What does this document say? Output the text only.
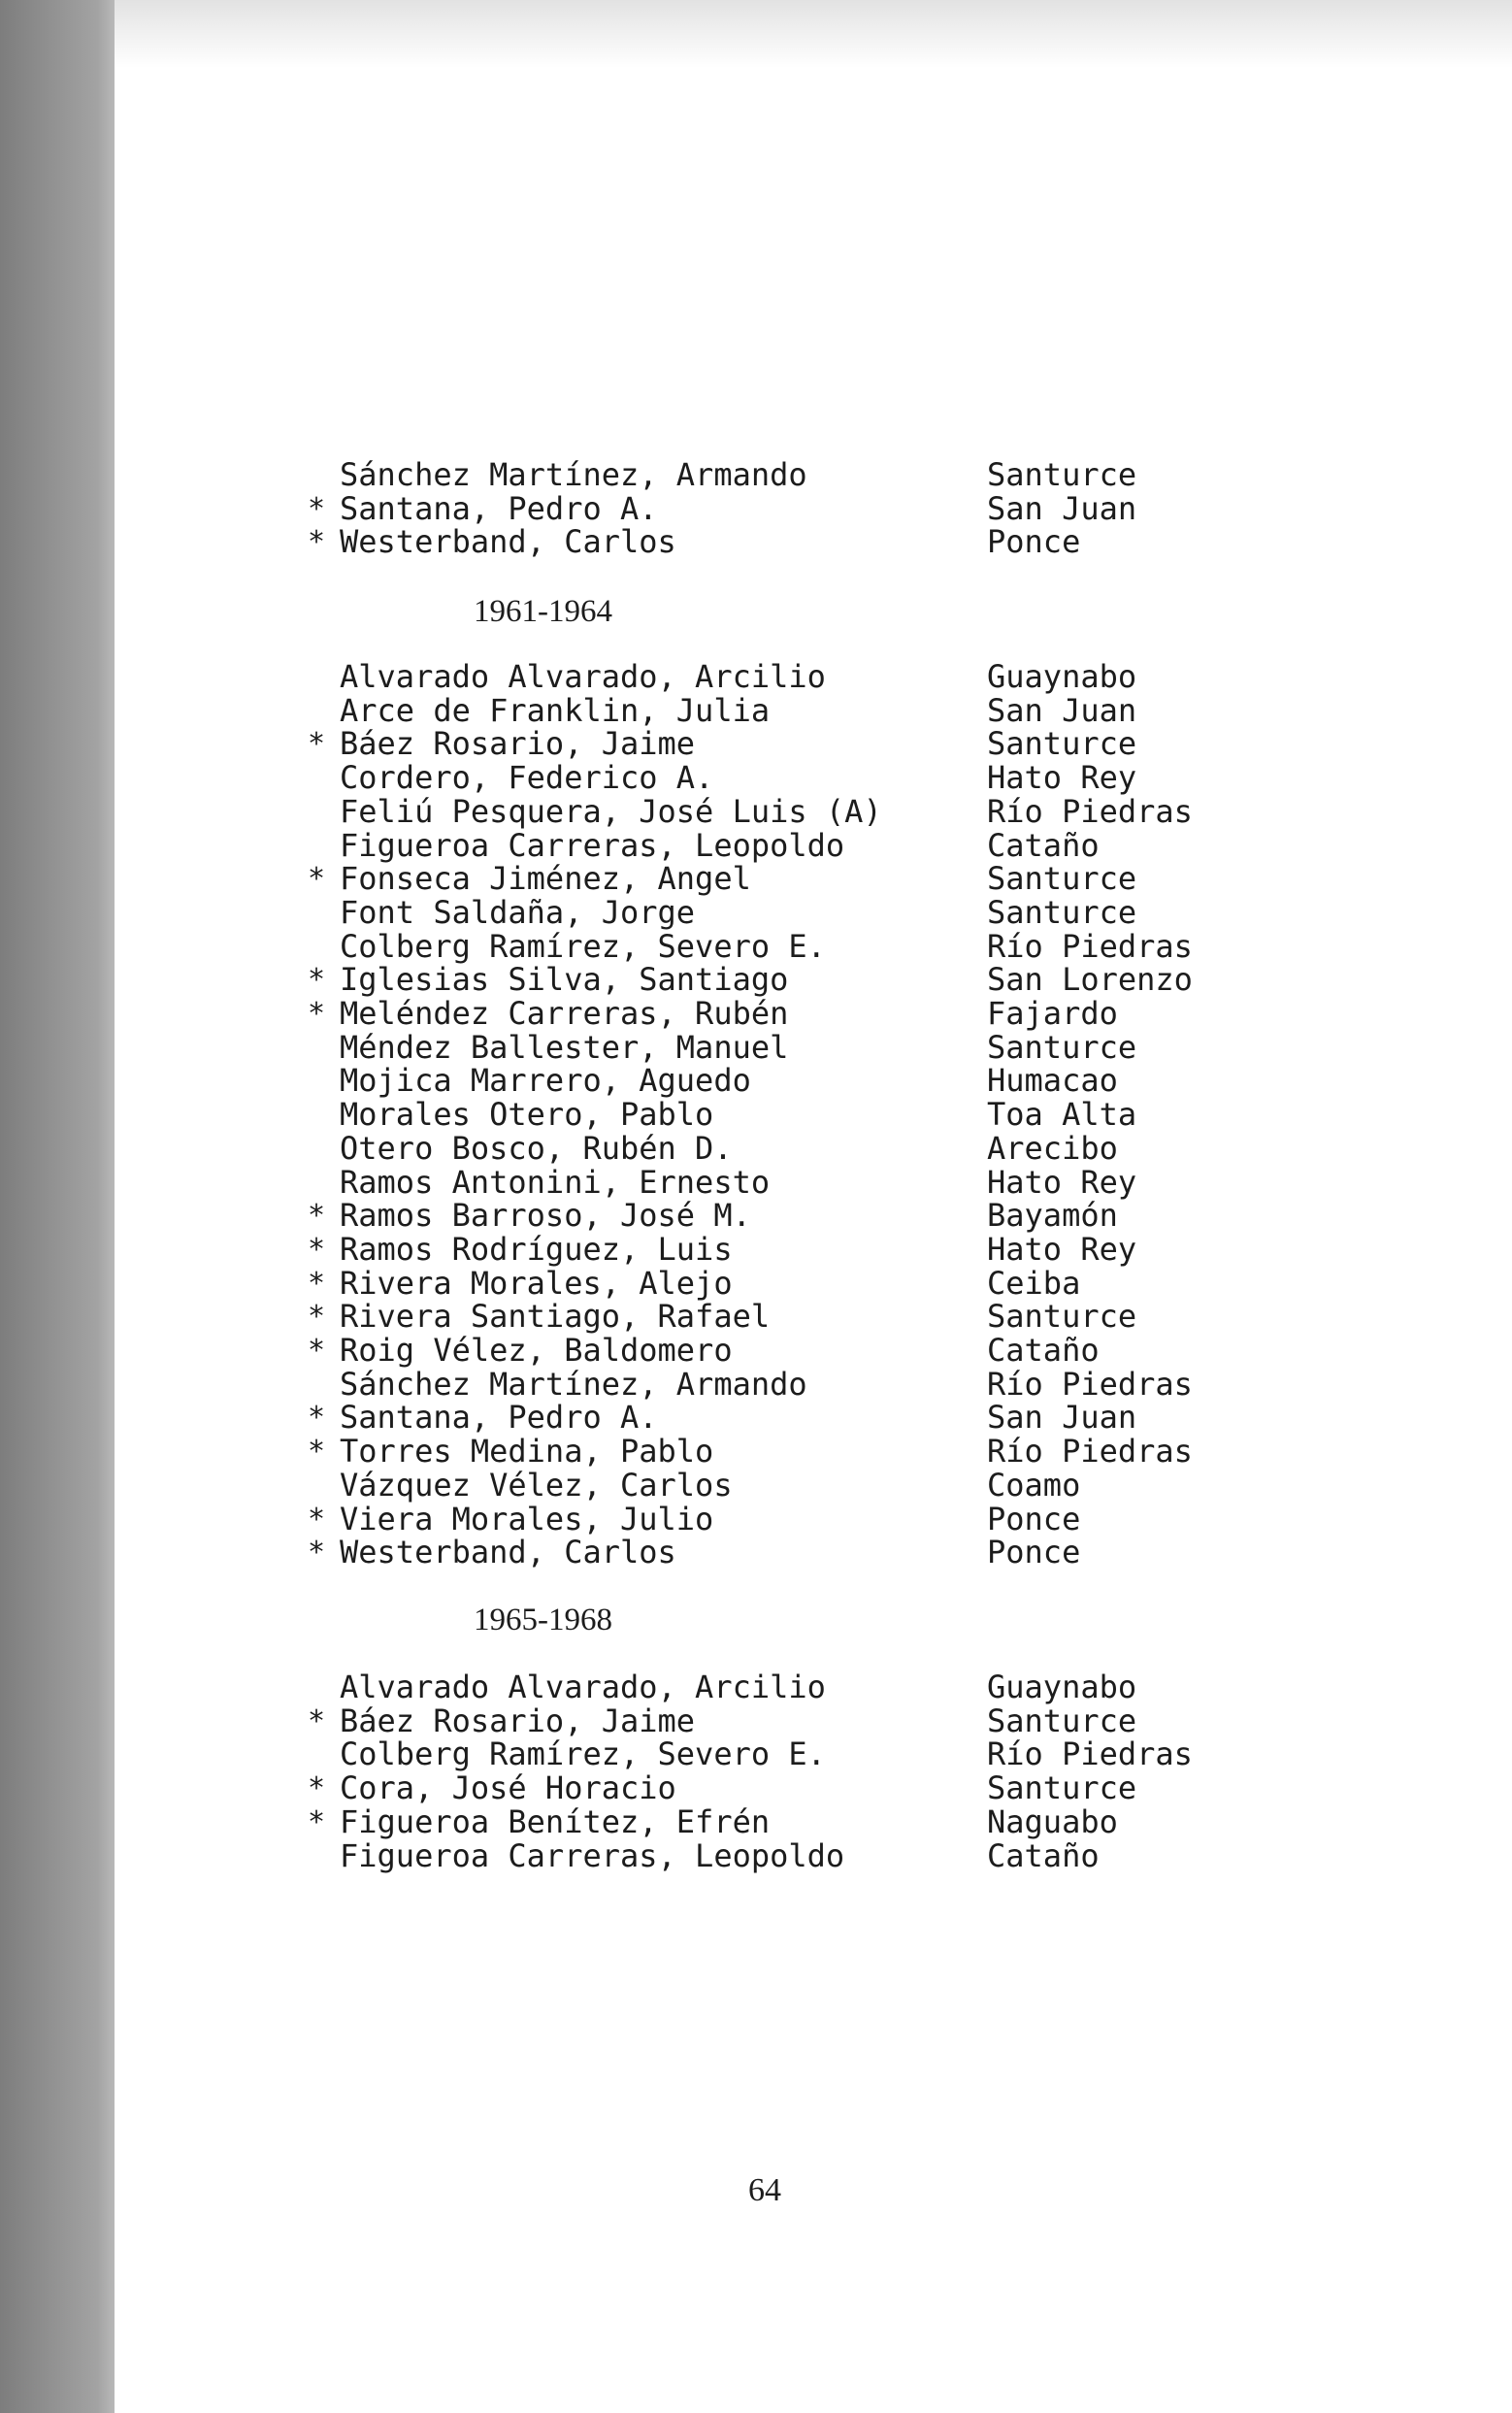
Sánchez Martínez, Armando	Santurce
* Santana, Pedro A.	San Juan
* Westerband, Carlos	Ponce
1961-1964
Alvarado Alvarado, Arcilio	Guaynabo
Arce de Franklin, Julia	San Juan
* Báez Rosario, Jaime	Santurce
Cordero, Federico A.	Hato Rey
Feliú Pesquera, José Luis (A)	Río Piedras
Figueroa Carreras, Leopoldo	Cataño
* Fonseca Jiménez, Angel	Santurce
Font Saldaña, Jorge	Santurce
Colberg Ramírez, Severo E.	Río Piedras
* Iglesias Silva, Santiago	San Lorenzo
* Meléndez Carreras, Rubén	Fajardo
Méndez Ballester, Manuel	Santurce
Mojica Marrero, Aguedo	Humacao
Morales Otero, Pablo	Toa Alta
Otero Bosco, Rubén D.	Arecibo
Ramos Antonini, Ernesto	Hato Rey
* Ramos Barroso, José M.	Bayamón
* Ramos Rodríguez, Luis	Hato Rey
* Rivera Morales, Alejo	Ceiba
* Rivera Santiago, Rafael	Santurce
* Roig Vélez, Baldomero	Cataño
Sánchez Martínez, Armando	Río Piedras
* Santana, Pedro A.	San Juan
* Torres Medina, Pablo	Río Piedras
Vázquez Vélez, Carlos	Coamo
* Viera Morales, Julio	Ponce
* Westerband, Carlos	Ponce
1965-1968
Alvarado Alvarado, Arcilio	Guaynabo
* Báez Rosario, Jaime	Santurce
Colberg Ramírez, Severo E.	Río Piedras
* Cora, José Horacio	Santurce
* Figueroa Benítez, Efrén	Naguabo
Figueroa Carreras, Leopoldo	Cataño
64
